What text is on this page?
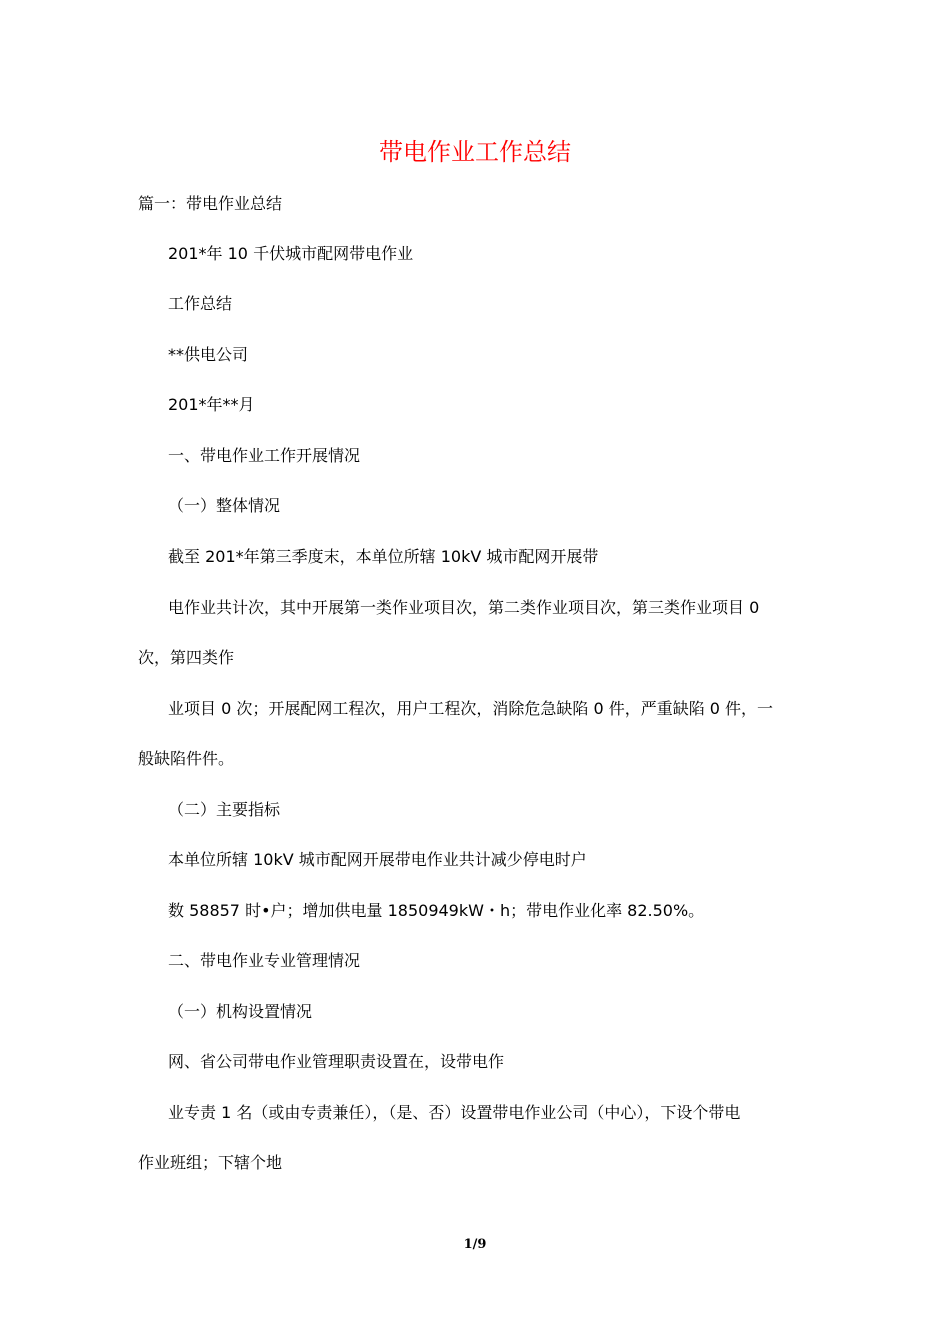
带电作业工作总结

篇一：带电作业总结

201*年 10 千伏城市配网带电作业

工作总结

**供电公司

201*年**月

一、带电作业工作开展情况

（一）整体情况

截至 201*年第三季度末，本单位所辖 10kV 城市配网开展带

电作业共计次，其中开展第一类作业项目次，第二类作业项目次，第三类作业项目 0

次，第四类作

业项目 0 次；开展配网工程次，用户工程次，消除危急缺陷 0 件，严重缺陷 0 件，一

般缺陷件件。

（二）主要指标

本单位所辖 10kV 城市配网开展带电作业共计减少停电时户

数 58857 时•户；增加供电量 1850949kW・h；带电作业化率 82.50%。

二、带电作业专业管理情况

（一）机构设置情况

网、省公司带电作业管理职责设置在，设带电作

业专责 1 名（或由专责兼任），（是、否）设置带电作业公司（中心），下设个带电

作业班组；下辖个地

1/9
